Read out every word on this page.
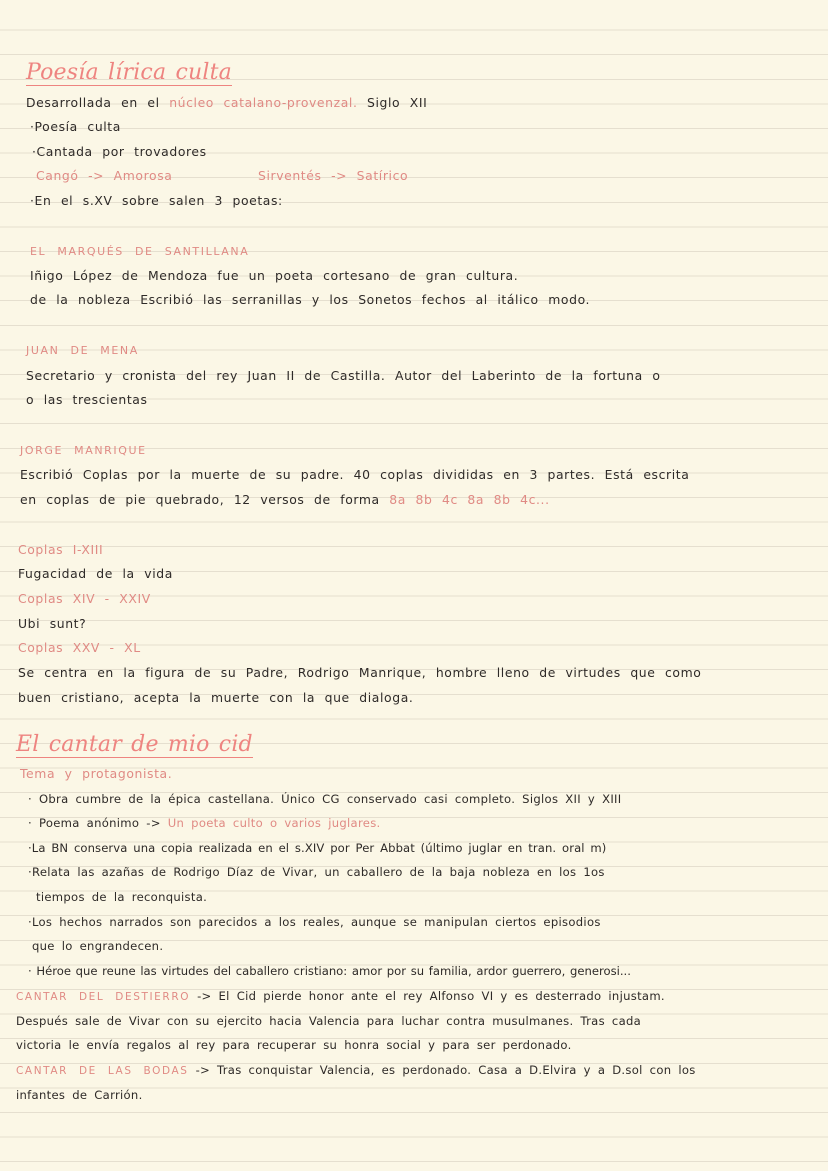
Poesía lírica culta
Desarrollada en el núcleo catalano-provenzal. Siglo XII
·Poesía culta
·Cantada por trovadores
Cangó -> Amorosa	Sirventés -> Satírico
·En el s.XV sobre salen 3 poetas:
EL MARQUÉS DE SANTILLANA
Iñigo López de Mendoza fue un poeta cortesano de gran cultura.
de la nobleza Escribió las serranillas y los Sonetos fechos al itálico modo.
JUAN DE MENA
Secretario y cronista del rey Juan II de Castilla. Autor del Laberinto de la fortuna o
o las trescientas
JORGE MANRIQUE
Escribió Coplas por la muerte de su padre. 40 coplas divididas en 3 partes. Está escrita
en coplas de pie quebrado, 12 versos de forma 8a 8b 4c 8a 8b 4c...
Coplas I-XIII
Fugacidad de la vida
Coplas XIV - XXIV
Ubi sunt?
Coplas XXV - XL
Se centra en la figura de su Padre, Rodrigo Manrique, hombre lleno de virtudes que como
buen cristiano, acepta la muerte con la que dialoga.
El cantar de mio cid
Tema y protagonista.
· Obra cumbre de la épica castellana. Único CG conservado casi completo. Siglos XII y XIII
· Poema anónimo -> Un poeta culto o varios juglares.
·La BN conserva una copia realizada en el s.XIV por Per Abbat (último juglar en tran. oral m)
·Relata las azañas de Rodrigo Díaz de Vivar, un caballero de la baja nobleza en los 1os
tiempos de la reconquista.
·Los hechos narrados son parecidos a los reales, aunque se manipulan ciertos episodios
que lo engrandecen.
· Héroe que reune las virtudes del caballero cristiano: amor por su familia, ardor guerrero, generosi...
CANTAR DEL DESTIERRO -> El Cid pierde honor ante el rey Alfonso VI y es desterrado injustam.
Después sale de Vivar con su ejercito hacia Valencia para luchar contra musulmanes. Tras cada
victoria le envía regalos al rey para recuperar su honra social y para ser perdonado.
CANTAR DE LAS BODAS -> Tras conquistar Valencia, es perdonado. Casa a D.Elvira y a D.sol con los
infantes de Carrión.
